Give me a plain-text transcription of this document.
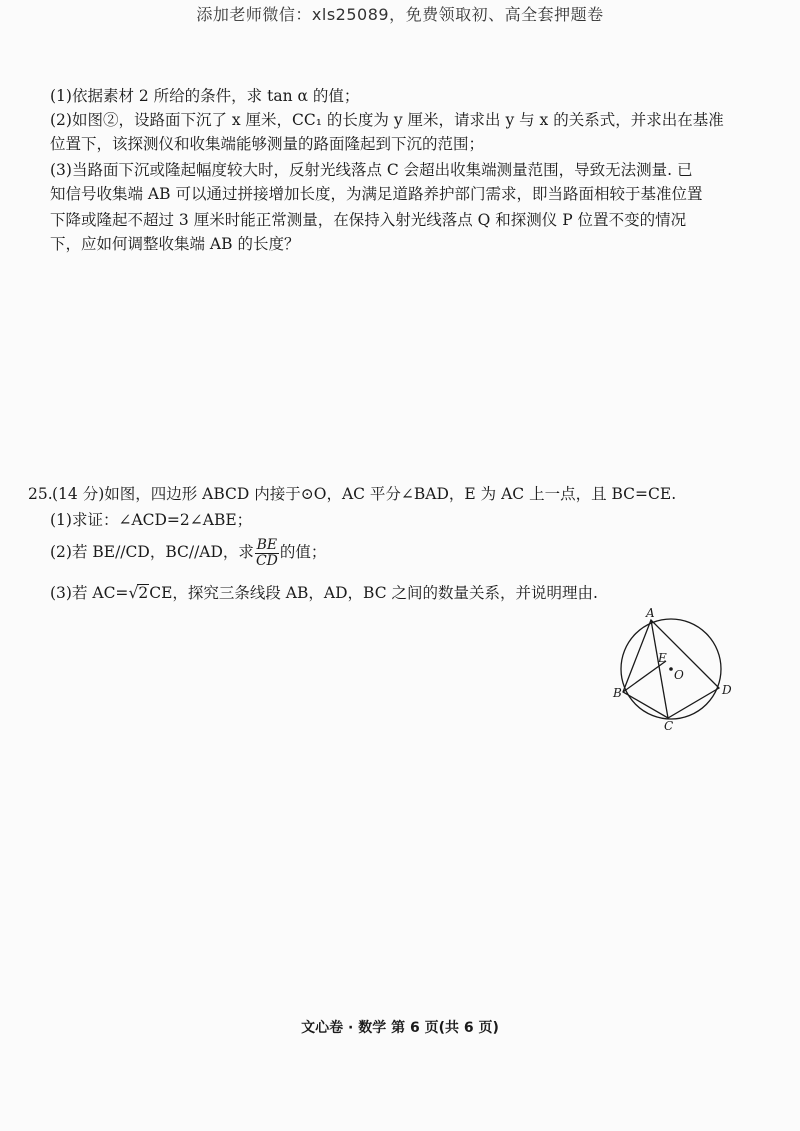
添加老师微信：xls25089，免费领取初、高全套押题卷
(1)依据素材 2 所给的条件，求 tan α 的值；
(2)如图②，设路面下沉了 x 厘米，CC₁ 的长度为 y 厘米，请求出 y 与 x 的关系式，并求出在基准
位置下，该探测仪和收集端能够测量的路面隆起到下沉的范围；
(3)当路面下沉或隆起幅度较大时，反射光线落点 C 会超出收集端测量范围，导致无法测量. 已
知信号收集端 AB 可以通过拼接增加长度，为满足道路养护部门需求，即当路面相较于基准位置
下降或隆起不超过 3 厘米时能正常测量，在保持入射光线落点 Q 和探测仪 P 位置不变的情况
下，应如何调整收集端 AB 的长度？
25. (14 分)如图，四边形 ABCD 内接于⊙O，AC 平分∠BAD，E 为 AC 上一点，且 BC=CE.
(1)求证：∠ACD=2∠ABE；
(2)若 BE//CD，BC//AD，求 $\frac{BE}{CD}$ 的值；
(3)若 AC=√2CE，探究三条线段 AB，AD，BC 之间的数量关系，并说明理由.
A
B
C
D
E
O
文心卷 · 数学 第 6 页(共 6 页)
